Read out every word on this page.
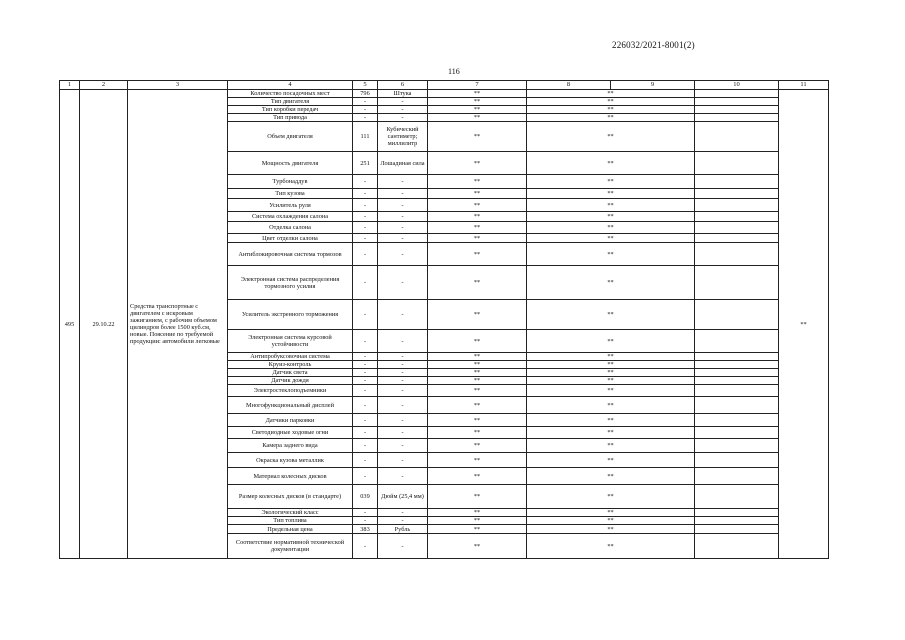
226032/2021-8001(2)
116
1	2	3	4	5	6	7	8	9	10	11
495	29.10.22	Средства транспортные с двигателем с искровым зажиганием, с рабочим объемом цилиндров более 1500 куб.см, новые. Поясение по требуемой продукции: автомобили легковые	Количество посадочных мест	796	Штука	**	**			**
			Тип двигателя	-	-	**	**			
			Тип коробки передач	-	-	**	**			
			Тип привода	-	-	**	**			
			Объем двигателя	111	Кубический сантиметр; миллилитр	**	**			
			Мощность двигателя	251	Лошадиная сила	**	**			
			Турбонаддув	-	-	**	**			
			Тип кузова	-	-	**	**			
			Усилитель руля	-	-	**	**			
			Система охлаждения салона	-	-	**	**			
			Отделка салона	-	-	**	**			
			Цвет отделки салона	-	-	**	**			
			Антиблокировочная система тормозов	-	-	**	**			
			Электронная система распределения тормозного усилия	-	-	**	**			
			Усилитель экстренного торможения	-	-	**	**			
			Электронная система курсовой устойчивости	-	-	**	**			
			Антипробуксовочная система	-	-	**	**			
			Круиз-контроль	-	-	**	**			
			Датчик света	-	-	**	**			
			Датчик дождя	-	-	**	**			
			Электростеклоподъемники	-	-	**	**			
			Многофункциональный дисплей	-	-	**	**			
			Датчики парковки	-	-	**	**			
			Светодиодные ходовые огни	-	-	**	**			
			Камера заднего вида	-	-	**	**			
			Окраска кузова металлик	-	-	**	**			
			Материал колесных дисков	-	-	**	**			
			Размер колесных дисков (в стандарте)	039	Дюйм (25,4 мм)	**	**			
			Экологический класс	-	-	**	**			
			Тип топлива	-	-	**	**			
			Предельная цена	383	Рубль	**	**			
			Соответствие нормативной технической документации	-	-	**	**			
